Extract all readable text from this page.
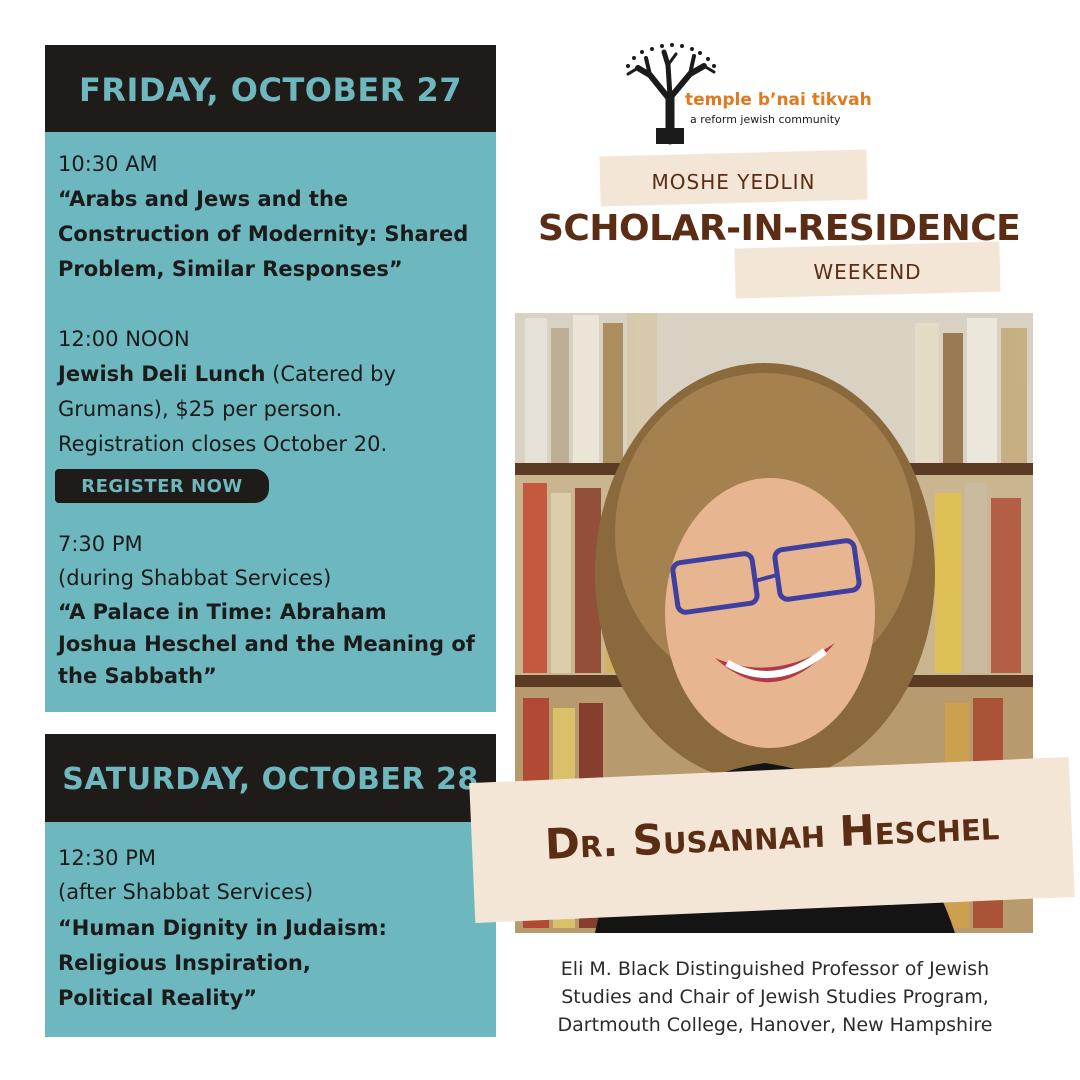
FRIDAY, OCTOBER 27
10:30 AM
“Arabs and Jews and the
Construction of Modernity: Shared
Problem, Similar Responses”
12:00 NOON
Jewish Deli Lunch (Catered by
Grumans), $25 per person.
Registration closes October 20.
REGISTER NOW
7:30 PM
(during Shabbat Services)
“A Palace in Time: Abraham
Joshua Heschel and the Meaning of
the Sabbath”
SATURDAY, OCTOBER 28
12:30 PM
(after Shabbat Services)
“Human Dignity in Judaism:
Religious Inspiration,
Political Reality”
temple b’nai tikvah
a reform jewish community
MOSHE YEDLIN
SCHOLAR-IN-RESIDENCE
WEEKEND
Dr. Susannah Heschel
Eli M. Black Distinguished Professor of Jewish
Studies and Chair of Jewish Studies Program,
Dartmouth College, Hanover, New Hampshire
